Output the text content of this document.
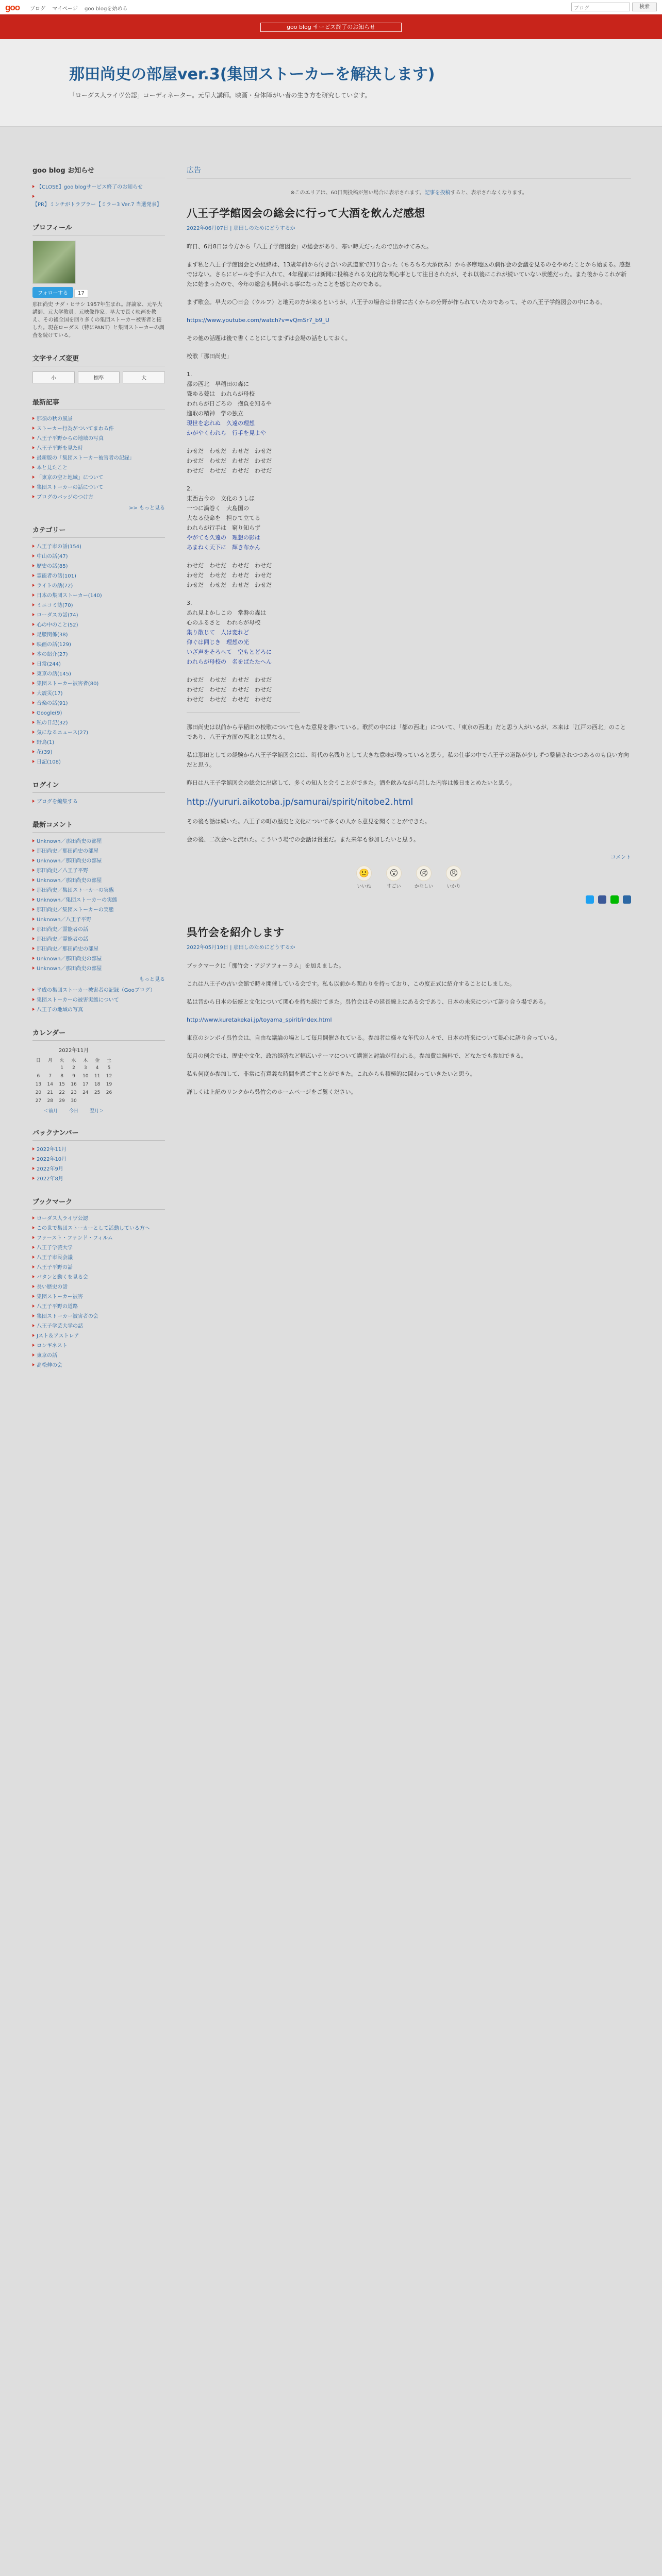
goo ブログ マイページ goo blogを始める	ブログ	検索
goo blog サービス終了のお知らせ
那田尚史の部屋ver.3(集団ストーカーを解決します)

「ローダス人ライヴ公認」コーディネーター。元早大講師。映画・身体障がい者の生き方を研究しています。

goo blog お知らせ
【CLOSE】goo blogサービス終了のお知らせ
【PR】ミンチがトラブラー【ミラー3 Ver.7 当選発表】
プロフィール
フォローする 17
那田尚史 ナダ・ヒサシ 1957年生まれ。評論家、元早大講師、元大学教員。元映像作家。早大で長く映画を教え、その後全国を回り多くの集団ストーカー被害者と接した。現在ローダス（特にPANT）と集団ストーカーの調査を続けている。
文字サイズ変更
小	標準	大
最新記事
那須の秋の風景
ストーカー行為がついてまわる件
八王子平野からの地域の写真
八王子平野を見た時
最新版の「集団ストーカー被害者の記録」
本と見たこと
「東京の空と地域」について
集団ストーカーの話について
ブログのバッジのつけ方
>> もっと見る
カテゴリー
八王子市の話(154)
中山の話(47)
歴史の話(85)
霊能者の話(101)
ライトの話(72)
日本の集団ストーカー(140)
ミニコミ誌(70)
ローダスの話(74)
心の中のこと(52)
足腰関係(38)
映画の話(129)
本の紹介(27)
日常(244)
東京の話(145)
集団ストーカー被害者(80)
大震災(17)
音楽の話(91)
Google(9)
私の日記(32)
気になるニュース(27)
野鳥(1)
花(39)
日記(108)
ログイン
ブログを編集する
最新コメント
Unknown／那田尚史の部屋
那田尚史／那田尚史の部屋
Unknown／那田尚史の部屋
那田尚史／八王子平野
Unknown／那田尚史の部屋
那田尚史／集団ストーカーの実態
Unknown／集団ストーカーの実態
那田尚史／集団ストーカーの実態
Unknown／八王子平野
那田尚史／霊能者の話
那田尚史／霊能者の話
那田尚史／那田尚史の部屋
Unknown／那田尚史の部屋
Unknown／那田尚史の部屋
もっと見る
平成の集団ストーカー被害者の記録（Gooブログ）
集団ストーカーの被害実態について
八王子の地域の写真
カレンダー
2022年11月
日	月	火	水	木	金	土
		1	2	3	4	5
6	7	8	9	10	11	12
13	14	15	16	17	18	19
20	21	22	23	24	25	26
27	28	29	30			
＜前月 今日 翌月＞
バックナンバー
2022年11月
2022年10月
2022年9月
2022年8月
ブックマーク
ローダス人ライヴ公認
この世で集団ストーカーとして活動している方へ
ファースト・ファンド・フィルム
八王子学芸大学
八王子市民会議
八王子平野の話
バタンと動くを見る会
長い歴史の話
集団ストーカー被害
八王子平野の道路
集団ストーカー被害者の会
八王子学芸大学の話
Jスト＆アストレア
ロンギネスト
東京の話
高松伸の会
広告
※このエリアは、60日間投稿が無い場合に表示されます。記事を投稿すると、表示されなくなります。
八王子学館図会の総会に行って大酒を飲んだ感想
2022年06月07日 | 那田しのためにどうするか

昨日、6月8日は今方から「八王子学館図会」の総会があり、寒い時天だったので出かけてみた。

まず私と八王子学館図会との経緯は、13歳年前から付き合いの武道家で知り合った（ちろちろ大酒飲み）から多摩地区の劇作会の会議を見るのをやめたことから始まる。感想ではない。さらにビールを手に入れて、4年程前には新聞に投稿される文化的な関心事として注目されたが、それ以後にこれが続いていない状態だった。また後からこれが新たに始まったので、今年の総会も開かれる事になったことを感じたのである。

まず歌会。早大の〇日会（ウルフ）と地元の方が来るというが、八王子の場合は非常に古くからの分野が作られていたのであって、その八王子学館図会の中にある。

https://www.youtube.com/watch?v=vQmSr7_b9_U

その他の話題は後で書くことにしてまずは会場の話をしておく。

校歌「那田尚史」

1.
都の西北　早稲田の森に
聳ゆる甍は　われらが母校
われらが日ごろの　抱負を知るや
進取の精神　学の独立
現世を忘れぬ　久遠の理想
かがやくわれら　行手を見よや

わせだ　わせだ　わせだ　わせだ
わせだ　わせだ　わせだ　わせだ
わせだ　わせだ　わせだ　わせだ

2.
東西古今の　文化のうしほ
一つに渦巻く　大島国の
大なる使命を　担ひて立てる
われらが行手は　窮り知らず
やがても久遠の　理想の影は
あまねく天下に　輝き布かん

わせだ　わせだ　わせだ　わせだ
わせだ　わせだ　わせだ　わせだ
わせだ　わせだ　わせだ　わせだ

3.
あれ見よかしこの　常磐の森は
心のふるさと　われらが母校
集り散じて　人は変れど
仰ぐは同じき　理想の光
いざ声をそろへて　空もとどろに
われらが母校の　名をばたたへん

わせだ　わせだ　わせだ　わせだ
わせだ　わせだ　わせだ　わせだ
わせだ　わせだ　わせだ　わせだ

那田尚史は以前から早稲田の校歌について色々な意見を書いている。歌詞の中には「都の西北」について、「東京の西北」だと思う人がいるが、本来は「江戸の西北」のことであり、八王子方面の西北とは異なる。

私は那田としての経験から八王子学館図会には、時代の名残りとして大きな意味が残っていると思う。私の仕事の中で八王子の道路が少しずつ整備されつつあるのも良い方向だと思う。

昨日は八王子学館図会の総会に出席して、多くの知人と会うことができた。酒を飲みながら話した内容は後日まとめたいと思う。

http://yururi.aikotoba.jp/samurai/spirit/nitobe2.html

その後も話は続いた。八王子の町の歴史と文化について多くの人から意見を聞くことができた。

会の後、二次会へと流れた。こういう場での会話は貴重だ。また来年も参加したいと思う。

コメント
🙂
いいね
😮
すごい
😢
かなしい
😠
いかり
呉竹会を紹介します
2022年05月19日 | 那田しのためにどうするか

ブックマークに「那竹会・アジアフォーラム」を加えました。

これは八王子の古い会館で時々開催している会です。私も以前から関わりを持っており、この度正式に紹介することにしました。

私は昔から日本の伝統と文化について関心を持ち続けてきた。呉竹会はその延長線上にある会であり、日本の未来について語り合う場である。

http://www.kuretakekai.jp/toyama_spirit/index.html

東京のシンポイ呉竹会は、自由な議論の場として毎月開催されている。参加者は様々な年代の人々で、日本の将来について熱心に語り合っている。

毎月の例会では、歴史や文化、政治経済など幅広いテーマについて講演と討論が行われる。参加費は無料で、どなたでも参加できる。

私も何度か参加して、非常に有意義な時間を過ごすことができた。これからも積極的に関わっていきたいと思う。

詳しくは上記のリンクから呉竹会のホームページをご覧ください。
